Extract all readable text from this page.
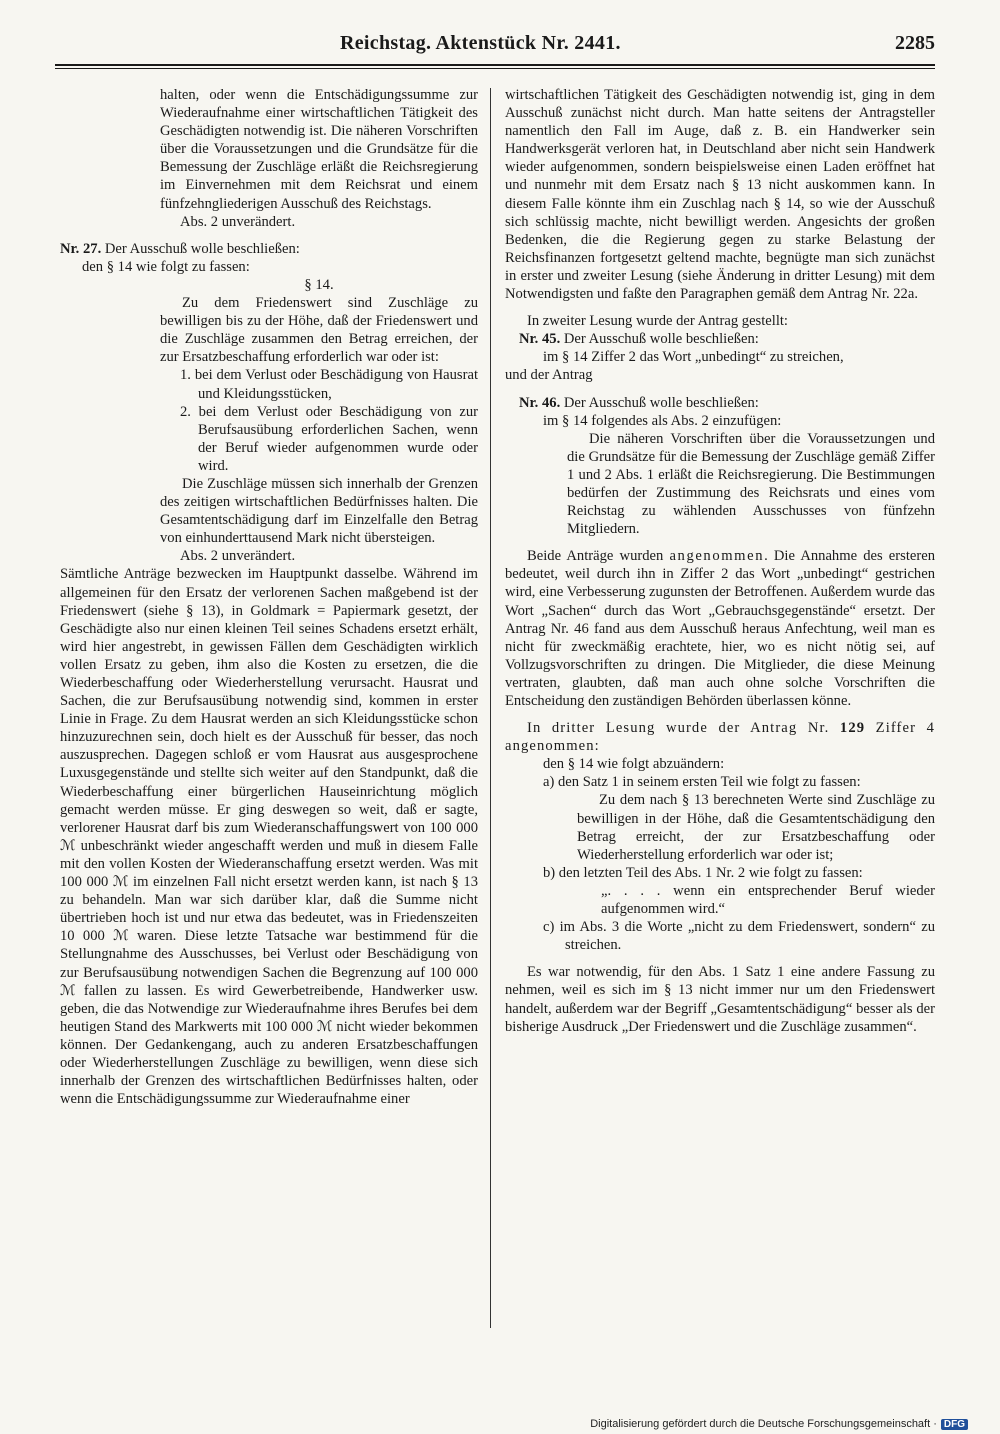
Reichstag. Aktenstück Nr. 2441.	2285

halten, oder wenn die Entschädigungssumme zur Wiederaufnahme einer wirtschaftlichen Tätigkeit des Geschädigten notwendig ist. Die näheren Vorschriften über die Voraussetzungen und die Grundsätze für die Bemessung der Zuschläge erläßt die Reichsregierung im Einvernehmen mit dem Reichsrat und einem fünfzehngliederigen Ausschuß des Reichstags.

Abs. 2 unverändert.

Nr. 27. Der Ausschuß wolle beschließen:

den § 14 wie folgt zu fassen:

§ 14.

Zu dem Friedenswert sind Zuschläge zu bewilligen bis zu der Höhe, daß der Friedenswert und die Zuschläge zusammen den Betrag erreichen, der zur Ersatzbeschaffung erforderlich war oder ist:

1. bei dem Verlust oder Beschädigung von Hausrat und Kleidungsstücken,

2. bei dem Verlust oder Beschädigung von zur Berufsausübung erforderlichen Sachen, wenn der Beruf wieder aufgenommen wurde oder wird.

Die Zuschläge müssen sich innerhalb der Grenzen des zeitigen wirtschaftlichen Bedürfnisses halten. Die Gesamtentschädigung darf im Einzelfalle den Betrag von einhunderttausend Mark nicht übersteigen.

Abs. 2 unverändert.

Sämtliche Anträge bezwecken im Hauptpunkt dasselbe. Während im allgemeinen für den Ersatz der verlorenen Sachen maßgebend ist der Friedenswert (siehe § 13), in Goldmark = Papiermark gesetzt, der Geschädigte also nur einen kleinen Teil seines Schadens ersetzt erhält, wird hier angestrebt, in gewissen Fällen dem Geschädigten wirklich vollen Ersatz zu geben, ihm also die Kosten zu ersetzen, die die Wiederbeschaffung oder Wiederherstellung verursacht. Hausrat und Sachen, die zur Berufsausübung notwendig sind, kommen in erster Linie in Frage. Zu dem Hausrat werden an sich Kleidungsstücke schon hinzuzurechnen sein, doch hielt es der Ausschuß für besser, das noch auszusprechen. Dagegen schloß er vom Hausrat aus ausgesprochene Luxusgegenstände und stellte sich weiter auf den Standpunkt, daß die Wiederbeschaffung einer bürgerlichen Hauseinrichtung möglich gemacht werden müsse. Er ging deswegen so weit, daß er sagte, verlorener Hausrat darf bis zum Wiederanschaffungswert von 100 000 ℳ unbeschränkt wieder angeschafft werden und muß in diesem Falle mit den vollen Kosten der Wiederanschaffung ersetzt werden. Was mit 100 000 ℳ im einzelnen Fall nicht ersetzt werden kann, ist nach § 13 zu behandeln. Man war sich darüber klar, daß die Summe nicht übertrieben hoch ist und nur etwa das bedeutet, was in Friedenszeiten 10 000 ℳ waren. Diese letzte Tatsache war bestimmend für die Stellungnahme des Ausschusses, bei Verlust oder Beschädigung von zur Berufsausübung notwendigen Sachen die Begrenzung auf 100 000 ℳ fallen zu lassen. Es wird Gewerbetreibende, Handwerker usw. geben, die das Notwendige zur Wiederaufnahme ihres Berufes bei dem heutigen Stand des Markwerts mit 100 000 ℳ nicht wieder bekommen können. Der Gedankengang, auch zu anderen Ersatzbeschaffungen oder Wiederherstellungen Zuschläge zu bewilligen, wenn diese sich innerhalb der Grenzen des wirtschaftlichen Bedürfnisses halten, oder wenn die Entschädigungssumme zur Wiederaufnahme einer

wirtschaftlichen Tätigkeit des Geschädigten notwendig ist, ging in dem Ausschuß zunächst nicht durch. Man hatte seitens der Antragsteller namentlich den Fall im Auge, daß z. B. ein Handwerker sein Handwerksgerät verloren hat, in Deutschland aber nicht sein Handwerk wieder aufgenommen, sondern beispielsweise einen Laden eröffnet hat und nunmehr mit dem Ersatz nach § 13 nicht auskommen kann. In diesem Falle könnte ihm ein Zuschlag nach § 14, so wie der Ausschuß sich schlüssig machte, nicht bewilligt werden. Angesichts der großen Bedenken, die die Regierung gegen zu starke Belastung der Reichsfinanzen fortgesetzt geltend machte, begnügte man sich zunächst in erster und zweiter Lesung (siehe Änderung in dritter Lesung) mit dem Notwendigsten und faßte den Paragraphen gemäß dem Antrag Nr. 22a.

In zweiter Lesung wurde der Antrag gestellt:

Nr. 45. Der Ausschuß wolle beschließen:

im § 14 Ziffer 2 das Wort „unbedingt“ zu streichen,

und der Antrag

Nr. 46. Der Ausschuß wolle beschließen:

im § 14 folgendes als Abs. 2 einzufügen:

Die näheren Vorschriften über die Voraussetzungen und die Grundsätze für die Bemessung der Zuschläge gemäß Ziffer 1 und 2 Abs. 1 erläßt die Reichsregierung. Die Bestimmungen bedürfen der Zustimmung des Reichsrats und eines vom Reichstag zu wählenden Ausschusses von fünfzehn Mitgliedern.

Beide Anträge wurden angenommen. Die Annahme des ersteren bedeutet, weil durch ihn in Ziffer 2 das Wort „unbedingt“ gestrichen wird, eine Verbesserung zugunsten der Betroffenen. Außerdem wurde das Wort „Sachen“ durch das Wort „Gebrauchsgegenstände“ ersetzt. Der Antrag Nr. 46 fand aus dem Ausschuß heraus Anfechtung, weil man es nicht für zweckmäßig erachtete, hier, wo es nicht nötig sei, auf Vollzugsvorschriften zu dringen. Die Mitglieder, die diese Meinung vertraten, glaubten, daß man auch ohne solche Vorschriften die Entscheidung den zuständigen Behörden überlassen könne.

In dritter Lesung wurde der Antrag Nr. 129 Ziffer 4 angenommen:

den § 14 wie folgt abzuändern:

a) den Satz 1 in seinem ersten Teil wie folgt zu fassen:

Zu dem nach § 13 berechneten Werte sind Zuschläge zu bewilligen in der Höhe, daß die Gesamtentschädigung den Betrag erreicht, der zur Ersatzbeschaffung oder Wiederherstellung erforderlich war oder ist;

b) den letzten Teil des Abs. 1 Nr. 2 wie folgt zu fassen:

„. . . . wenn ein entsprechender Beruf wieder aufgenommen wird.“

c) im Abs. 3 die Worte „nicht zu dem Friedenswert, sondern“ zu streichen.

Es war notwendig, für den Abs. 1 Satz 1 eine andere Fassung zu nehmen, weil es sich im § 13 nicht immer nur um den Friedenswert handelt, außerdem war der Begriff „Gesamtentschädigung“ besser als der bisherige Ausdruck „Der Friedenswert und die Zuschläge zusammen“.

Digitalisierung gefördert durch die Deutsche Forschungsgemeinschaft · DFG
